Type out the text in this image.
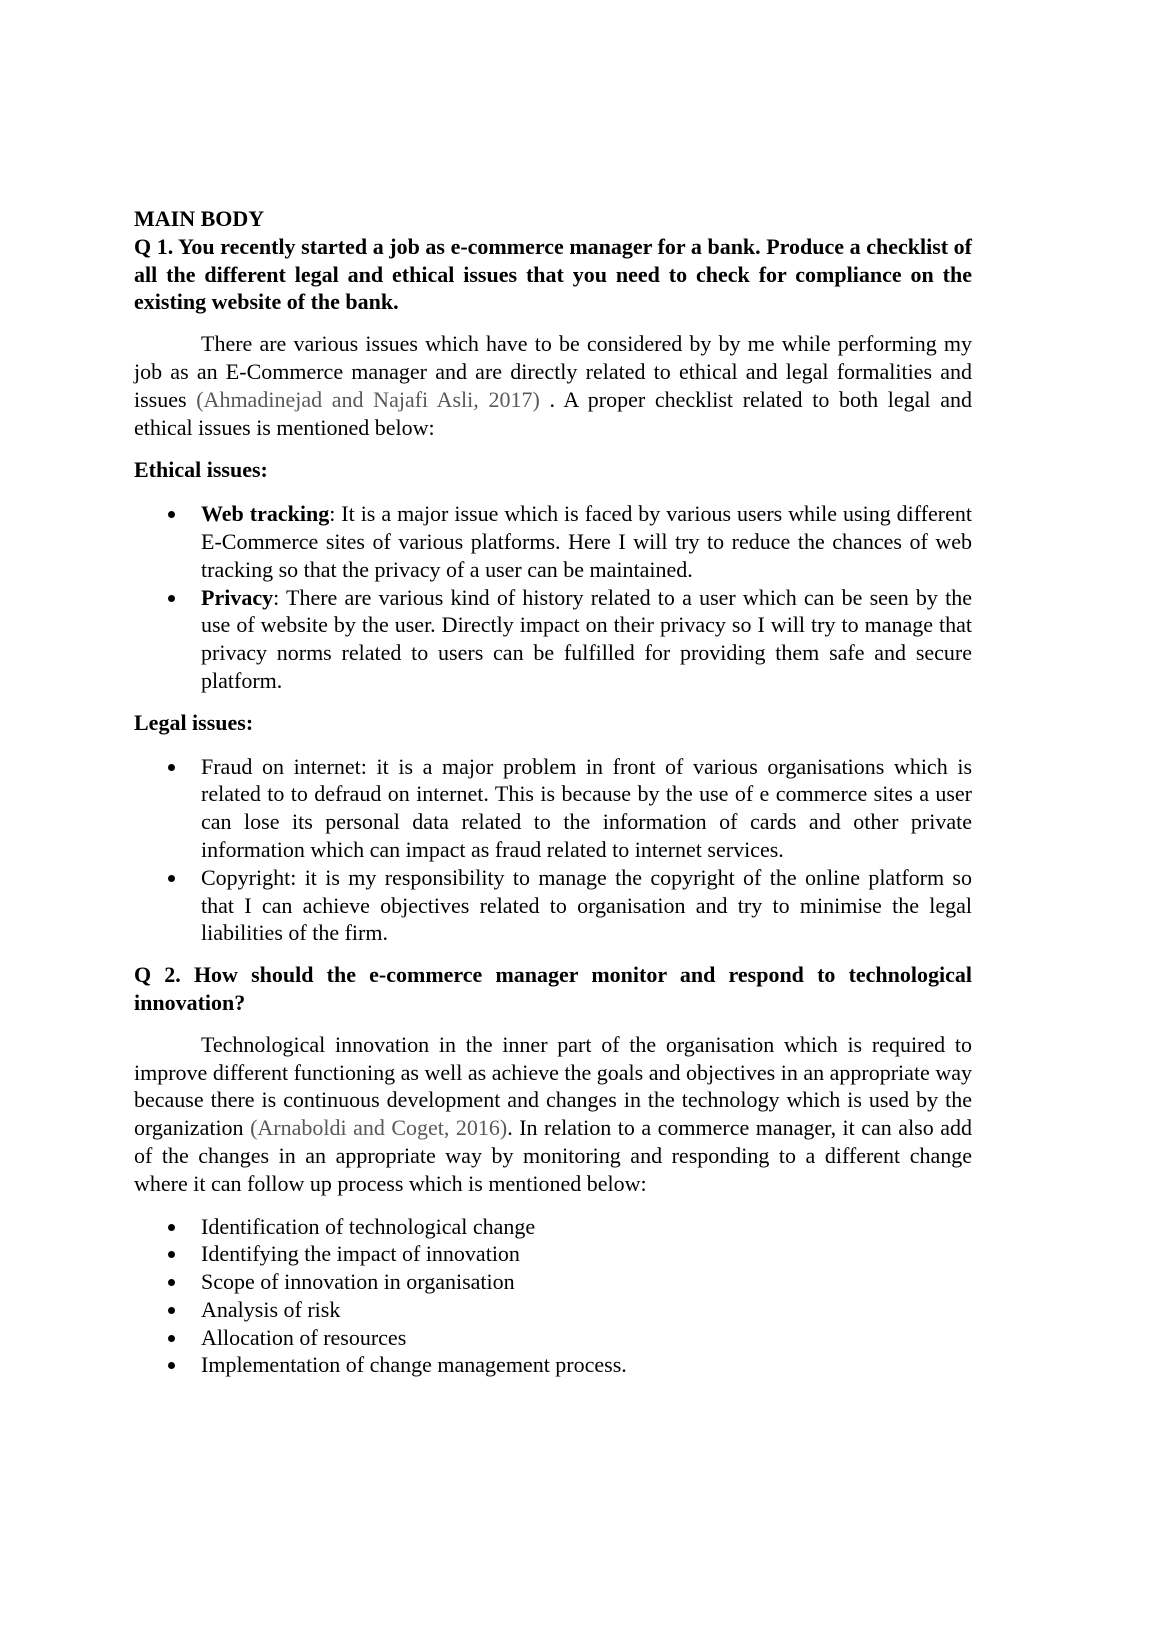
MAIN BODY

Q 1. You recently started a job as e-commerce manager for a bank. Produce a checklist of all the different legal and ethical issues that you need to check for compliance on the existing website of the bank.

There are various issues which have to be considered by by me while performing my job as an E-Commerce manager and are directly related to ethical and legal formalities and issues (Ahmadinejad and Najafi Asli, 2017) . A proper checklist related to both legal and ethical issues is mentioned below:

Ethical issues:
Web tracking: It is a major issue which is faced by various users while using different E-Commerce sites of various platforms. Here I will try to reduce the chances of web tracking so that the privacy of a user can be maintained.
Privacy: There are various kind of history related to a user which can be seen by the use of website by the user. Directly impact on their privacy so I will try to manage that privacy norms related to users can be fulfilled for providing them safe and secure platform.
Legal issues:
Fraud on internet: it is a major problem in front of various organisations which is related to to defraud on internet. This is because by the use of e commerce sites a user can lose its personal data related to the information of cards and other private information which can impact as fraud related to internet services.
Copyright: it is my responsibility to manage the copyright of the online platform so that I can achieve objectives related to organisation and try to minimise the legal liabilities of the firm.

Q 2. How should the e-commerce manager monitor and respond to technological innovation?

Technological innovation in the inner part of the organisation which is required to improve different functioning as well as achieve the goals and objectives in an appropriate way because there is continuous development and changes in the technology which is used by the organization (Arnaboldi and Coget, 2016). In relation to a commerce manager, it can also add of the changes in an appropriate way by monitoring and responding to a different change where it can follow up process which is mentioned below:

Identification of technological change
Identifying the impact of innovation
Scope of innovation in organisation
Analysis of risk
Allocation of resources
Implementation of change management process.
